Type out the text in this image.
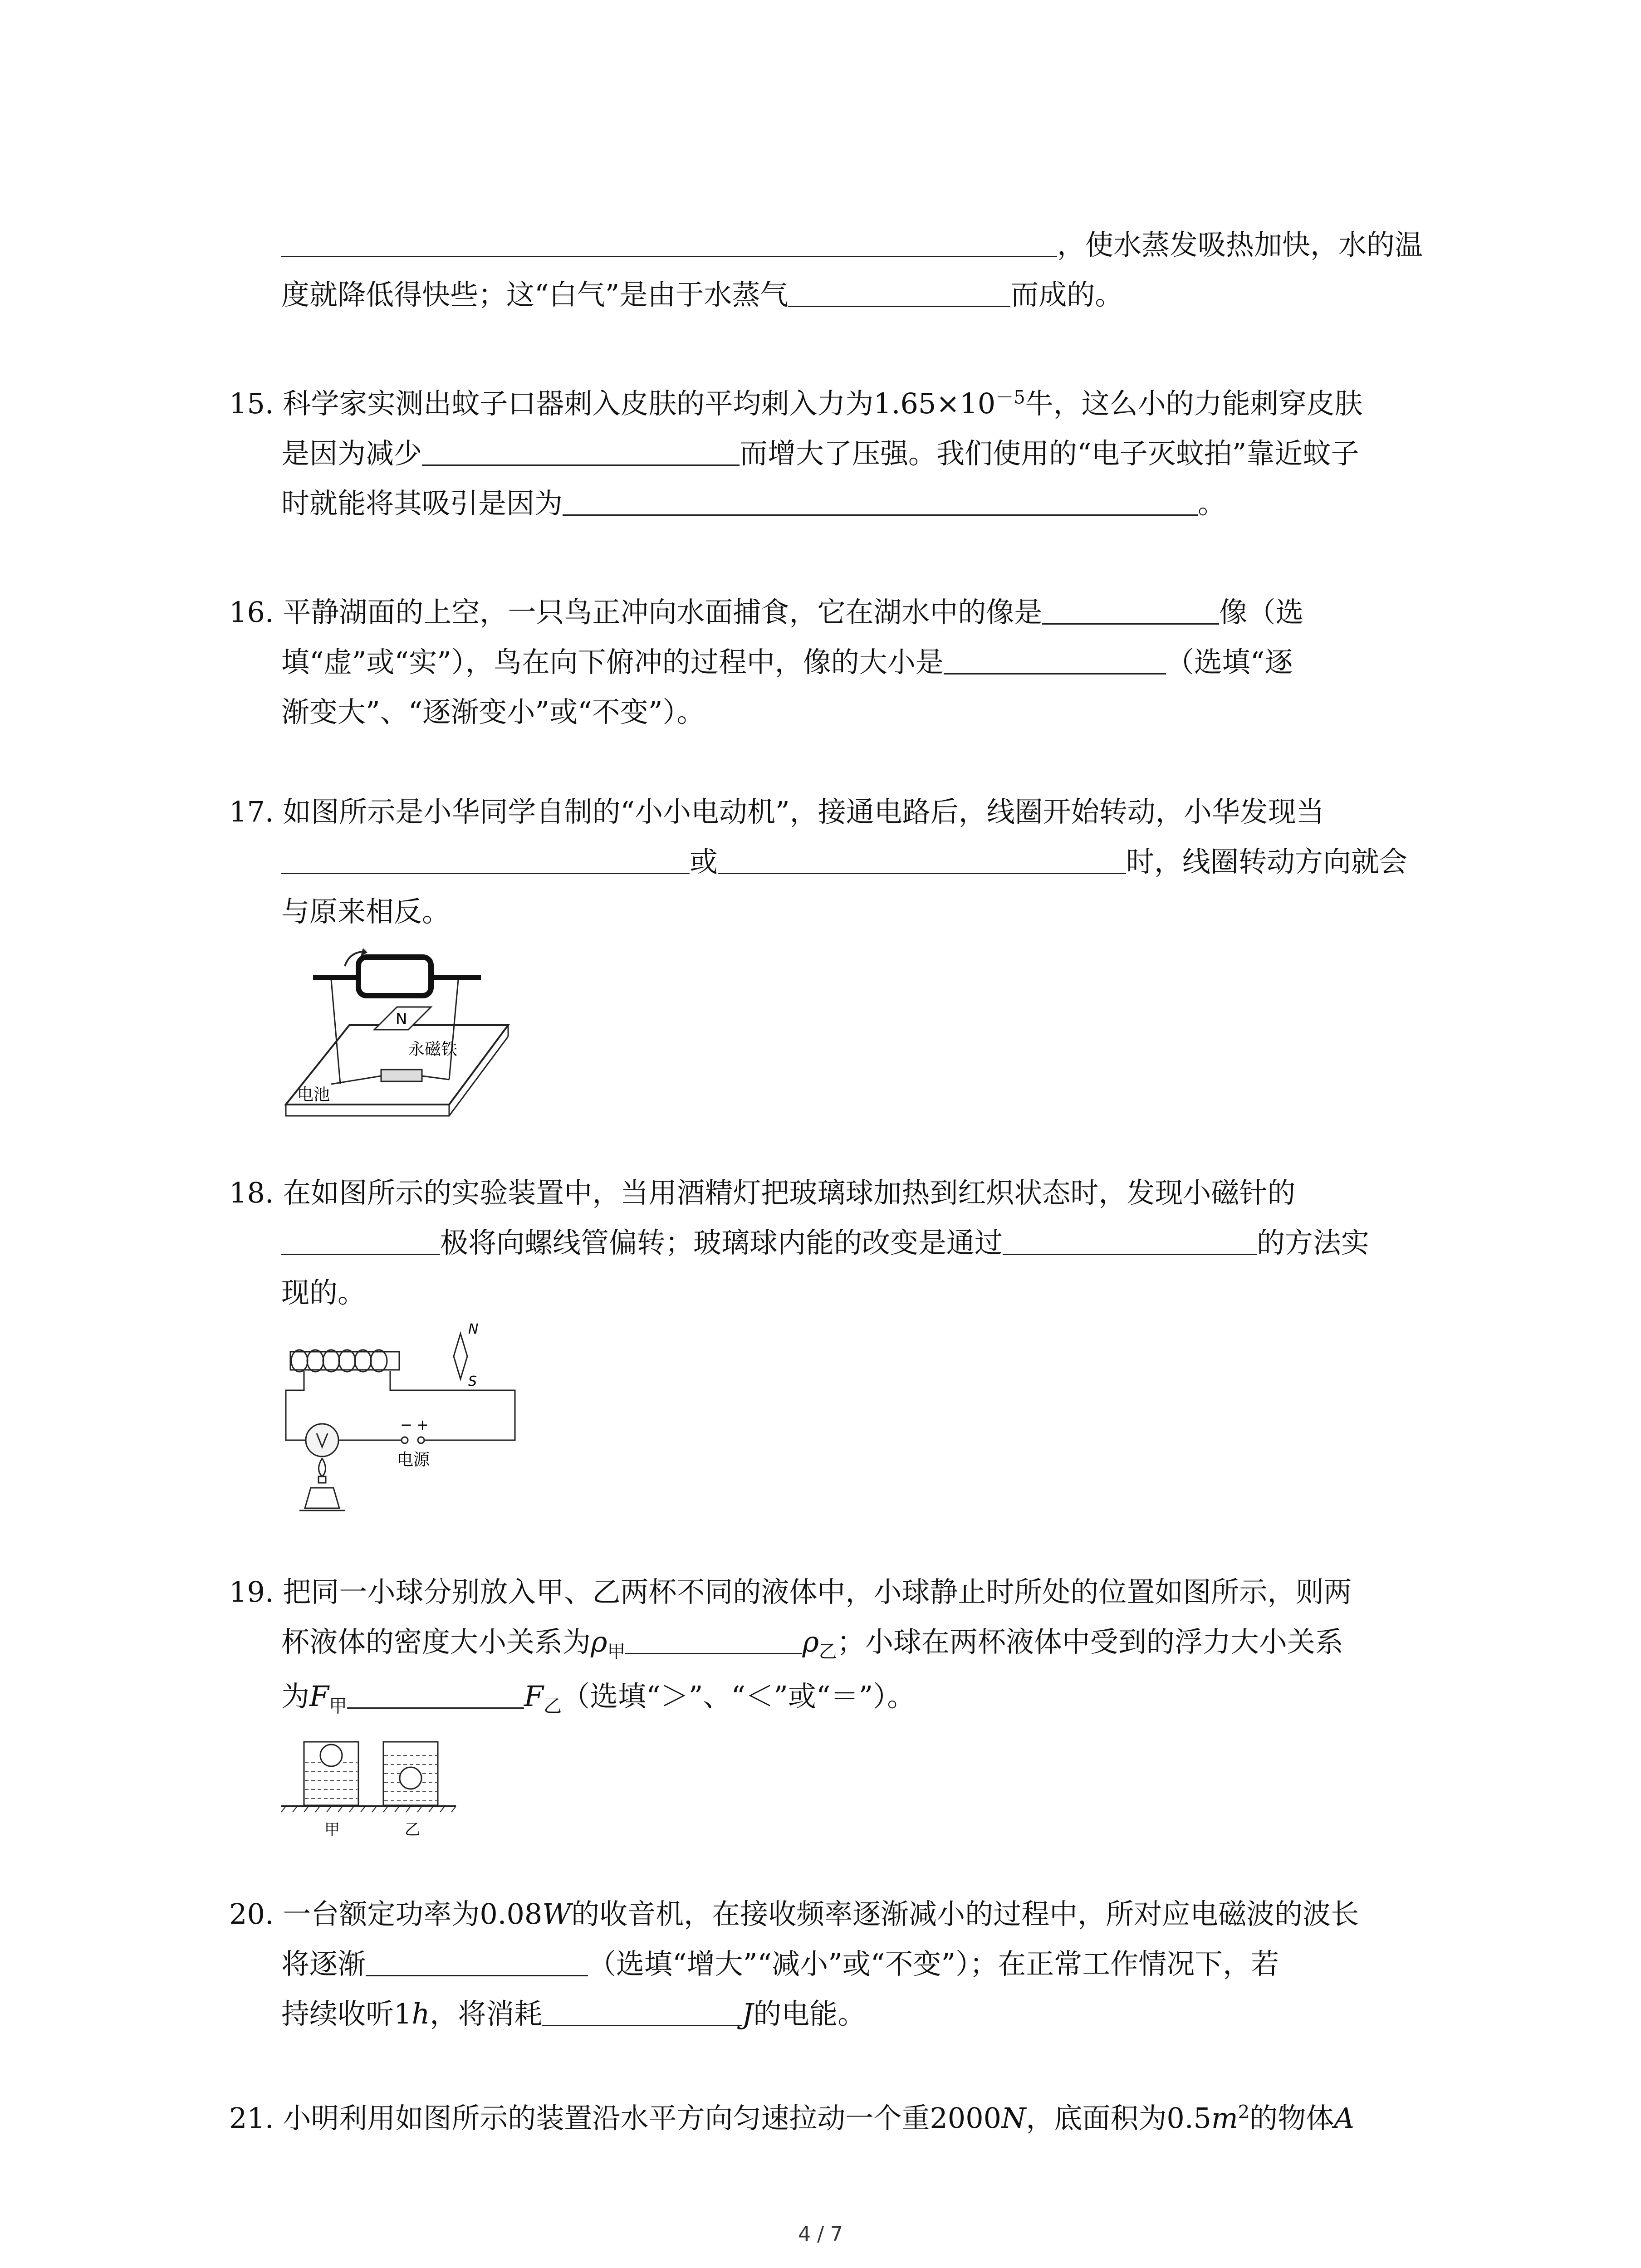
，使水蒸发吸热加快，水的温
度就降低得快些；这“白气”是由于水蒸气	而成的。
15. 科学家实测出蚊子口器刺入皮肤的平均刺入力为$1.65\times 10^{-5}$牛，这么小的力能刺穿皮肤
是因为减少	而增大了压强。我们使用的“电子灭蚊拍”靠近蚊子
时就能将其吸引是因为	。
16. 平静湖面的上空，一只鸟正冲向水面捕食，它在湖水中的像是	像（选
填“虚”或“实”），鸟在向下俯冲的过程中，像的大小是	（选填“逐
渐变大”、“逐渐变小”或“不变”）。
17. 如图所示是小华同学自制的“小小电动机”，接通电路后，线圈开始转动，小华发现当
或	时，线圈转动方向就会
与原来相反。
N
永磁铁
电池
18. 在如图所示的实验装置中，当用酒精灯把玻璃球加热到红炽状态时，发现小磁针的
极将向螺线管偏转；玻璃球内能的改变是通过	的方法实
现的。
N
S
− +
电源
19. 把同一小球分别放入甲、乙两杯不同的液体中，小球静止时所处的位置如图所示，则两
杯液体的密度大小关系为$\rho_甲$	$\rho_乙$；小球在两杯液体中受到的浮力大小关系
为$F_甲$	$F_乙$（选填“＞”、“＜”或“＝”）。
甲	乙
20. 一台额定功率为0.08W的收音机，在接收频率逐渐减小的过程中，所对应电磁波的波长
将逐渐	（选填“增大”“减小”或“不变”）；在正常工作情况下，若
持续收听1h，将消耗	J的电能。
21. 小明利用如图所示的装置沿水平方向匀速拉动一个重2000N，底面积为$0.5m^2$的物体A
4 / 7
